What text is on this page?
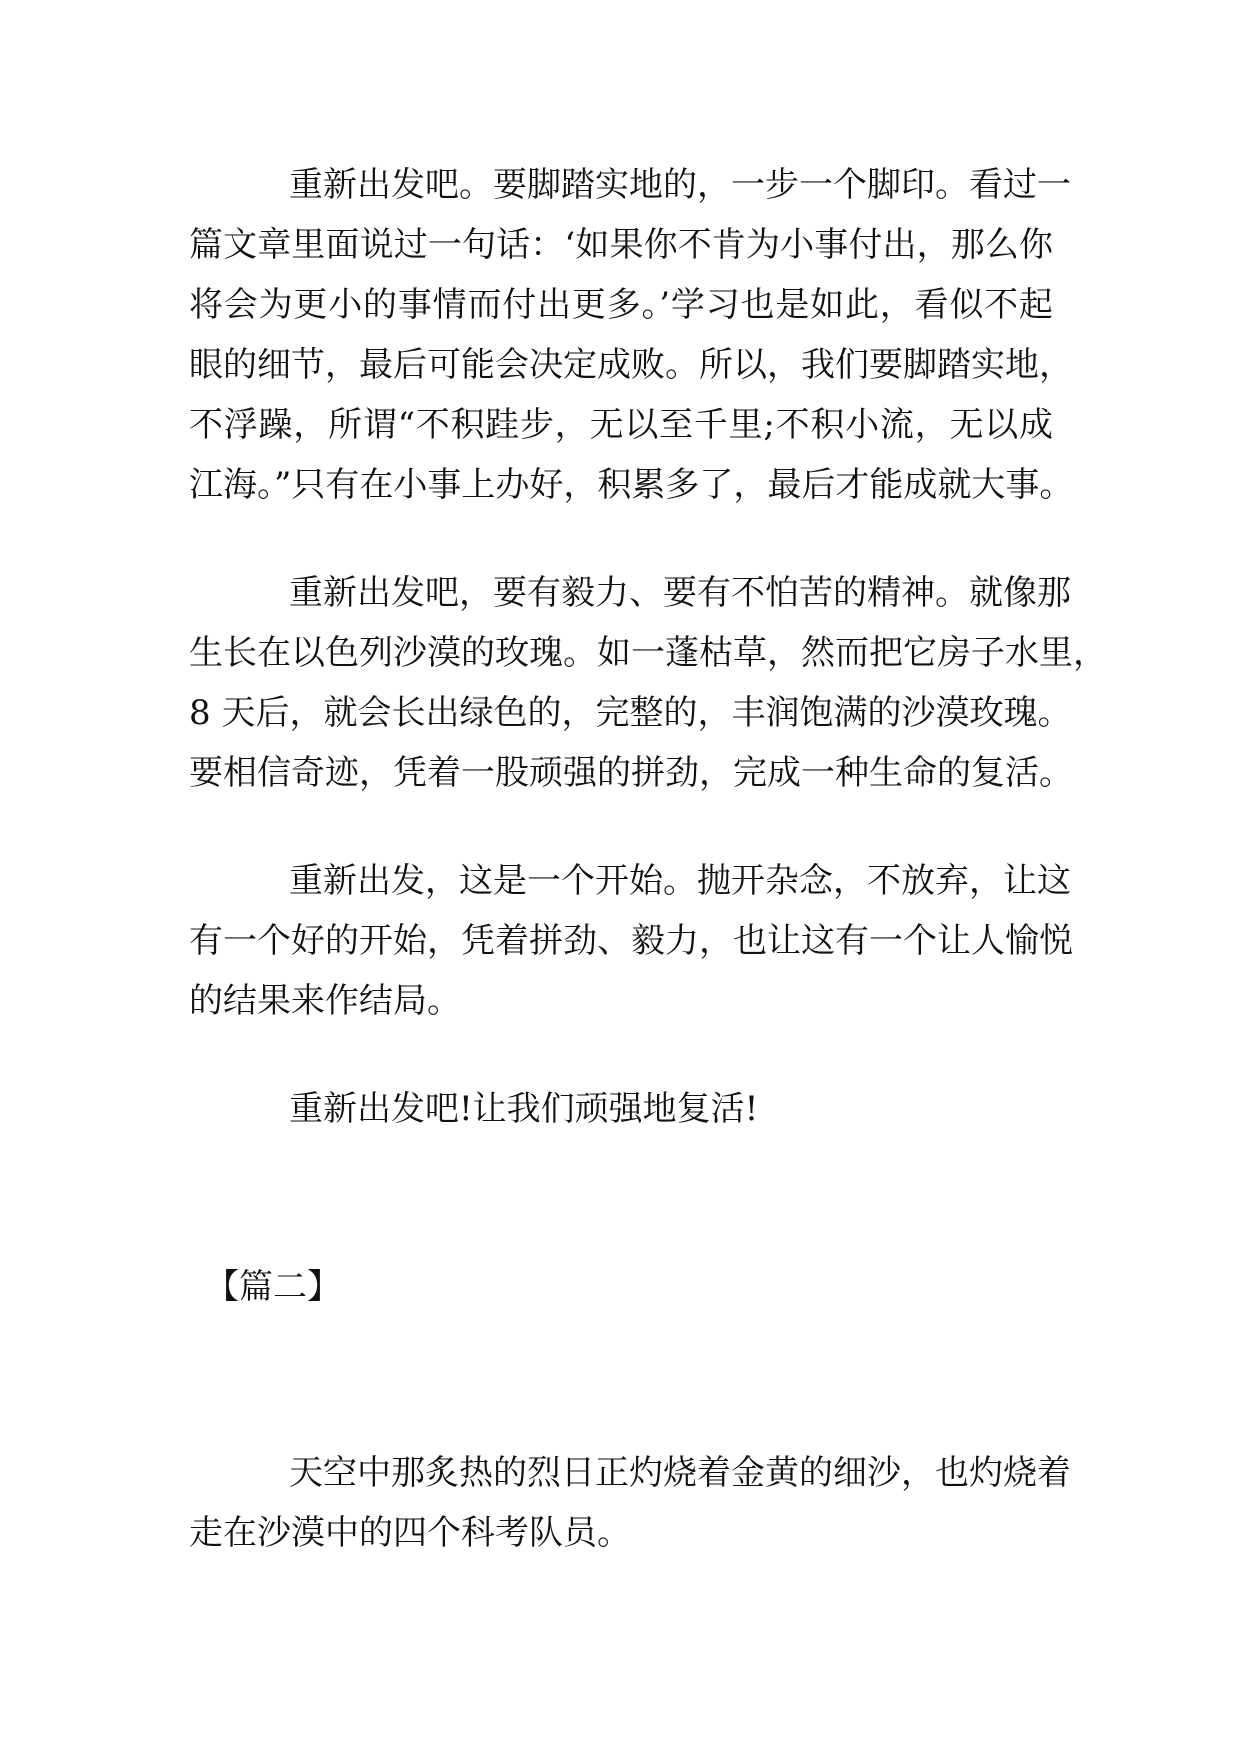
重新出发吧。要脚踏实地的，一步一个脚印。看过一
篇文章里面说过一句话：‘如果你不肯为小事付出，那么你
将会为更小的事情而付出更多。’学习也是如此，看似不起
眼的细节，最后可能会决定成败。所以，我们要脚踏实地，
不浮躁，所谓“不积跬步，无以至千里;不积小流，无以成
江海。”只有在小事上办好，积累多了，最后才能成就大事。
重新出发吧，要有毅力、要有不怕苦的精神。就像那
生长在以色列沙漠的玫瑰。如一蓬枯草，然而把它房子水里，
8 天后，就会长出绿色的，完整的，丰润饱满的沙漠玫瑰。
要相信奇迹，凭着一股顽强的拼劲，完成一种生命的复活。
重新出发，这是一个开始。抛开杂念，不放弃，让这
有一个好的开始，凭着拼劲、毅力，也让这有一个让人愉悦
的结果来作结局。
重新出发吧!让我们顽强地复活!
【篇二】
天空中那炙热的烈日正灼烧着金黄的细沙，也灼烧着
走在沙漠中的四个科考队员。
